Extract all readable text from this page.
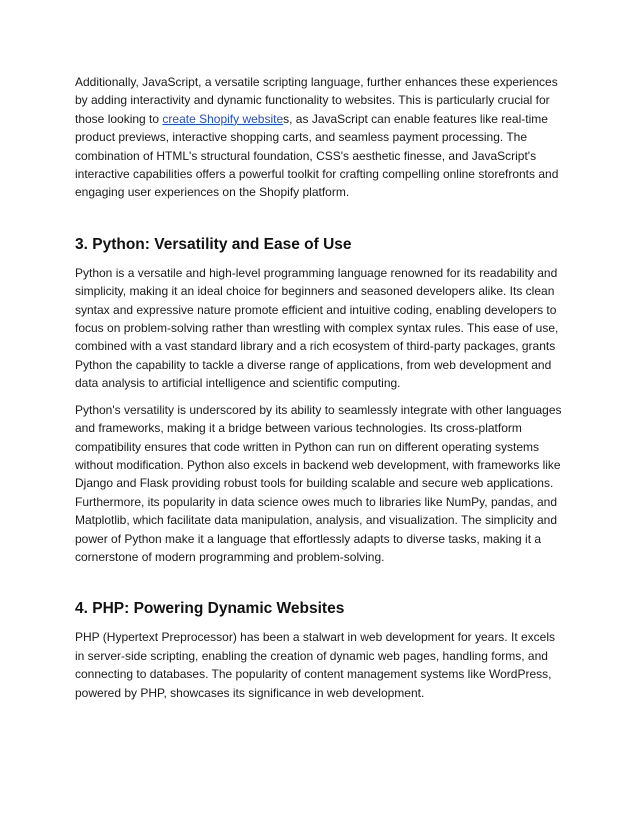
Additionally, JavaScript, a versatile scripting language, further enhances these experiences by adding interactivity and dynamic functionality to websites. This is particularly crucial for those looking to create Shopify websites, as JavaScript can enable features like real-time product previews, interactive shopping carts, and seamless payment processing. The combination of HTML's structural foundation, CSS's aesthetic finesse, and JavaScript's interactive capabilities offers a powerful toolkit for crafting compelling online storefronts and engaging user experiences on the Shopify platform.

3. Python: Versatility and Ease of Use

Python is a versatile and high-level programming language renowned for its readability and simplicity, making it an ideal choice for beginners and seasoned developers alike. Its clean syntax and expressive nature promote efficient and intuitive coding, enabling developers to focus on problem-solving rather than wrestling with complex syntax rules. This ease of use, combined with a vast standard library and a rich ecosystem of third-party packages, grants Python the capability to tackle a diverse range of applications, from web development and data analysis to artificial intelligence and scientific computing.

Python's versatility is underscored by its ability to seamlessly integrate with other languages and frameworks, making it a bridge between various technologies. Its cross-platform compatibility ensures that code written in Python can run on different operating systems without modification. Python also excels in backend web development, with frameworks like Django and Flask providing robust tools for building scalable and secure web applications. Furthermore, its popularity in data science owes much to libraries like NumPy, pandas, and Matplotlib, which facilitate data manipulation, analysis, and visualization. The simplicity and power of Python make it a language that effortlessly adapts to diverse tasks, making it a cornerstone of modern programming and problem-solving.

4. PHP: Powering Dynamic Websites

PHP (Hypertext Preprocessor) has been a stalwart in web development for years. It excels in server-side scripting, enabling the creation of dynamic web pages, handling forms, and connecting to databases. The popularity of content management systems like WordPress, powered by PHP, showcases its significance in web development.
